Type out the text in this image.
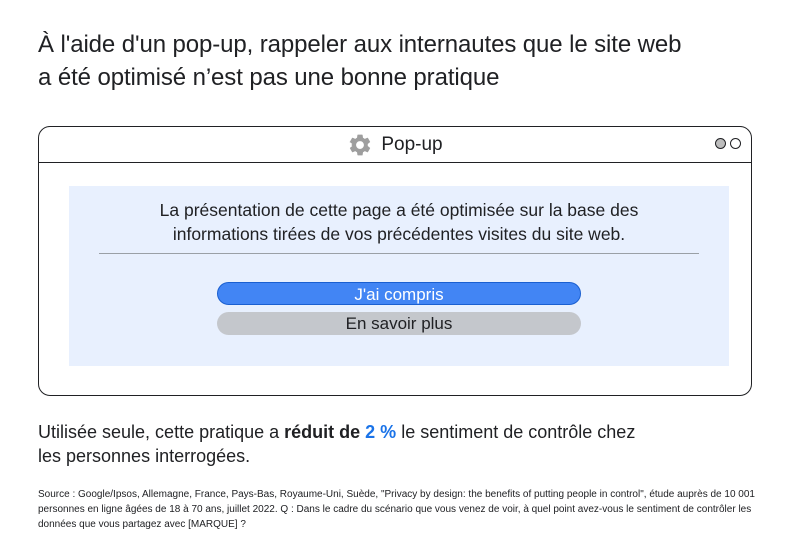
À l'aide d'un pop-up, rappeler aux internautes que le site web
a été optimisé n’est pas une bonne pratique
Pop-up
La présentation de cette page a été optimisée sur la base des
informations tirées de vos précédentes visites du site web.
J'ai compris
En savoir plus
Utilisée seule, cette pratique a réduit de 2 % le sentiment de contrôle chez
les personnes interrogées.
Source : Google/Ipsos, Allemagne, France, Pays-Bas, Royaume-Uni, Suède, "Privacy by design: the benefits of putting people in control", étude auprès de 10 001
personnes en ligne âgées de 18 à 70 ans, juillet 2022. Q : Dans le cadre du scénario que vous venez de voir, à quel point avez-vous le sentiment de contrôler les
données que vous partagez avec [MARQUE] ?
